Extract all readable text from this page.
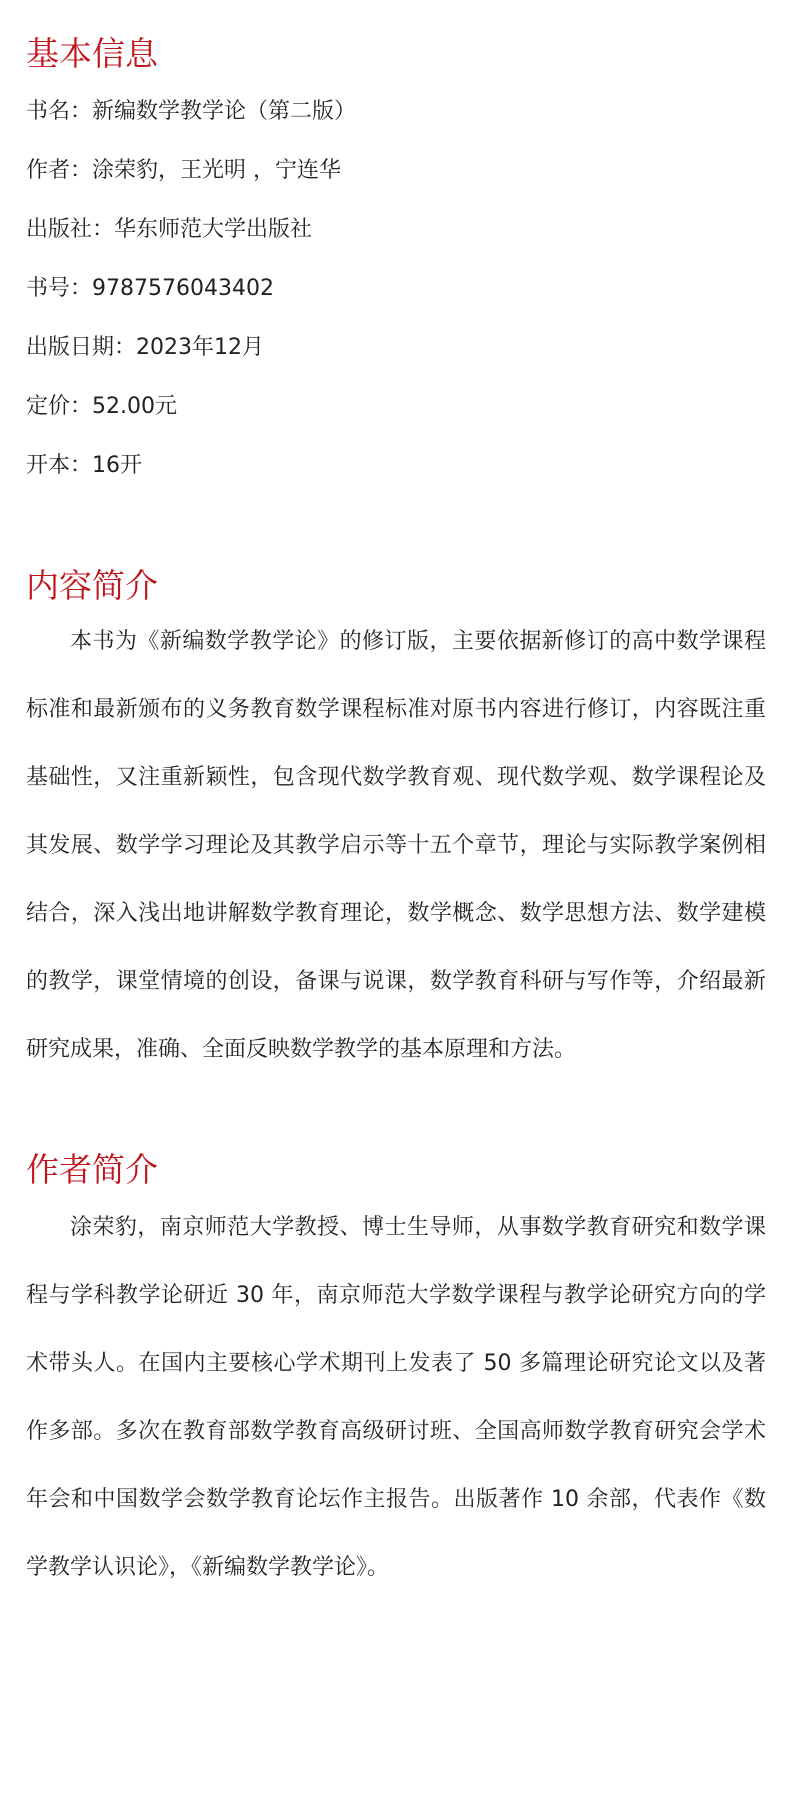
基本信息
书名：新编数学教学论（第二版）
作者：涂荣豹，王光明 ，宁连华
出版社：华东师范大学出版社
书号：9787576043402
出版日期：2023年12月
定价：52.00元
开本：16开
内容简介

本书为《新编数学教学论》的修订版，主要依据新修订的高中数学课程标准和最新颁布的义务教育数学课程标准对原书内容进行修订，内容既注重基础性，又注重新颖性，包含现代数学教育观、现代数学观、数学课程论及其发展、数学学习理论及其教学启示等十五个章节，理论与实际教学案例相结合，深入浅出地讲解数学教育理论，数学概念、数学思想方法、数学建模的教学，课堂情境的创设，备课与说课，数学教育科研与写作等，介绍最新研究成果，准确、全面反映数学教学的基本原理和方法。

作者简介

涂荣豹，南京师范大学教授、博士生导师，从事数学教育研究和数学课程与学科教学论研近 30 年，南京师范大学数学课程与教学论研究方向的学术带头人。在国内主要核心学术期刊上发表了 50 多篇理论研究论文以及著作多部。多次在教育部数学教育高级研讨班、全国高师数学教育研究会学术年会和中国数学会数学教育论坛作主报告。出版著作 10 余部，代表作《数学教学认识论》，《新编数学教学论》。
